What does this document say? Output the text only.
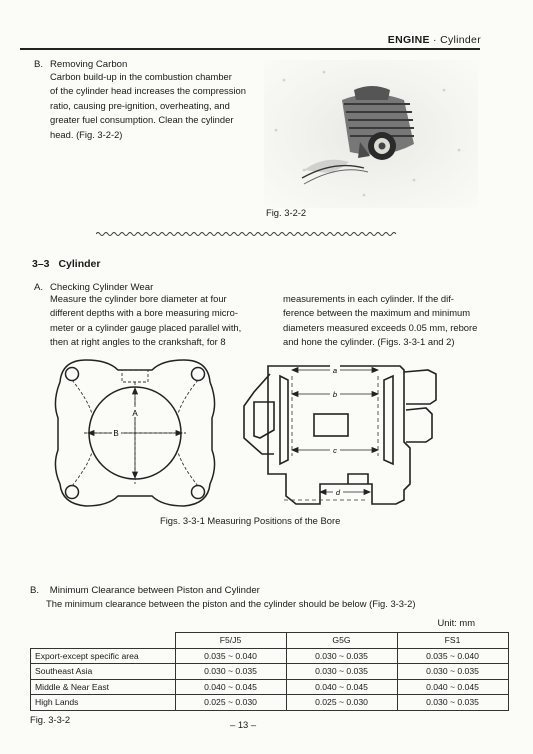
ENGINE · Cylinder
B. Removing Carbon
Carbon build-up in the combustion chamber
of the cylinder head increases the compression
ratio, causing pre-ignition, overheating, and
greater fuel consumption. Clean the cylinder
head. (Fig. 3-2-2)
Fig. 3-2-2
3–3 Cylinder
A. Checking Cylinder Wear
Measure the cylinder bore diameter at four
different depths with a bore measuring micro-
meter or a cylinder gauge placed parallel with,
then at right angles to the crankshaft, for 8
measurements in each cylinder. If the dif-
ference between the maximum and minimum
diameters measured exceeds 0.05 mm, rebore
and hone the cylinder. (Figs. 3-3-1 and 2)
A
B
a
b
c
d
Figs. 3-3-1 Measuring Positions of the Bore
B. Minimum Clearance between Piston and Cylinder
The minimum clearance between the piston and the cylinder should be below (Fig. 3-3-2)
Unit: mm
	F5/J5	G5G	FS1
Export-except specific area	0.035 ~ 0.040	0.030 ~ 0.035	0.035 ~ 0.040
Southeast Asia	0.030 ~ 0.035	0.030 ~ 0.035	0.030 ~ 0.035
Middle & Near East	0.040 ~ 0.045	0.040 ~ 0.045	0.040 ~ 0.045
High Lands	0.025 ~ 0.030	0.025 ~ 0.030	0.030 ~ 0.035
Fig. 3-3-2	– 13 –
